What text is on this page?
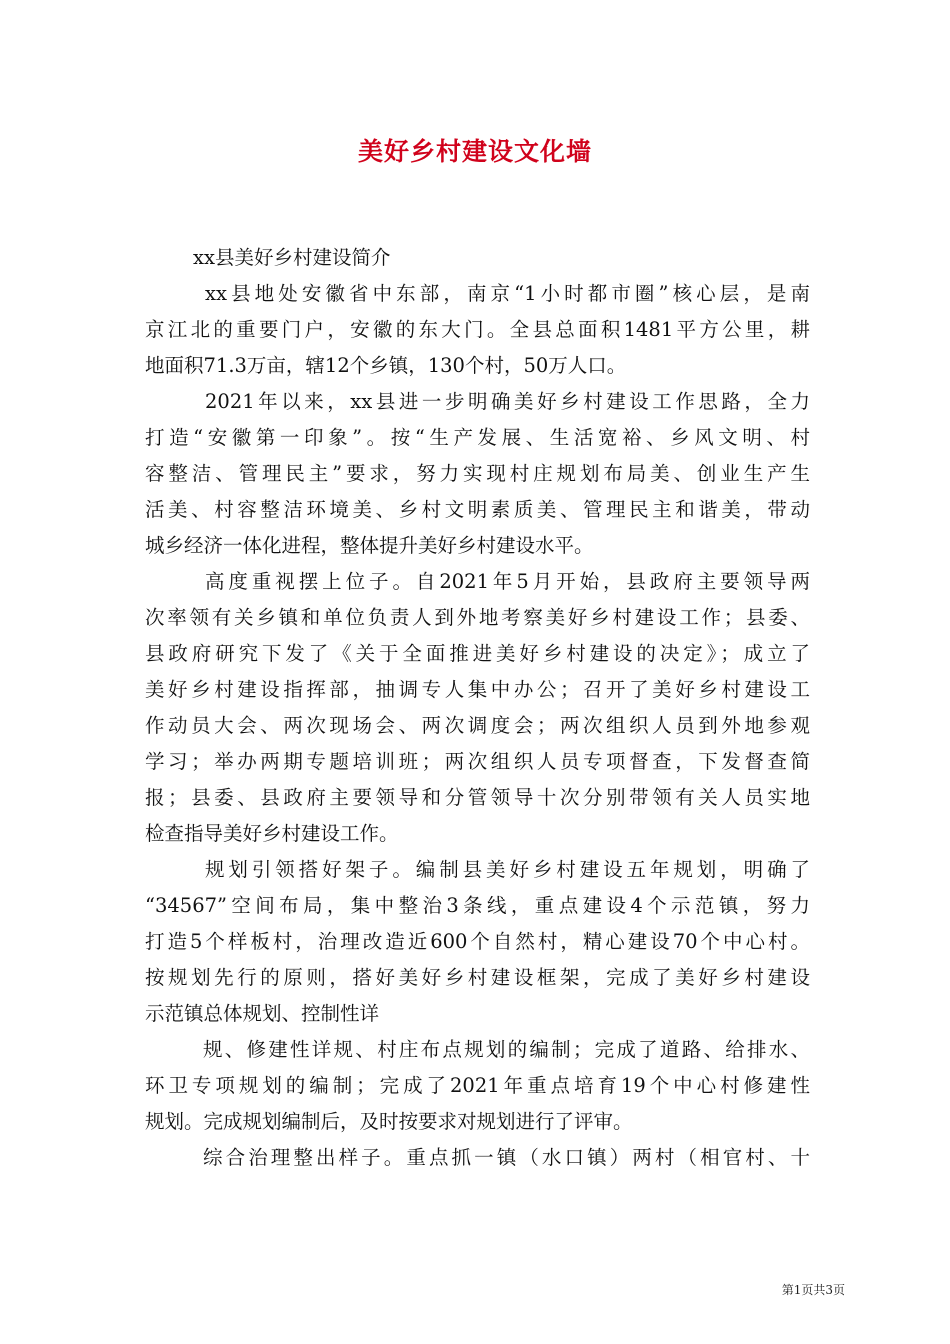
美好乡村建设文化墙
xx县美好乡村建设简介
xx县地处安徽省中东部，南京“1小时都市圈”核心层，是南
京江北的重要门户，安徽的东大门。全县总面积1481平方公里，耕
地面积71.3万亩，辖12个乡镇，130个村，50万人口。
2021年以来，xx县进一步明确美好乡村建设工作思路，全力
打造“安徽第一印象”。按“生产发展、生活宽裕、乡风文明、村
容整洁、管理民主”要求，努力实现村庄规划布局美、创业生产生
活美、村容整洁环境美、乡村文明素质美、管理民主和谐美，带动
城乡经济一体化进程，整体提升美好乡村建设水平。
高度重视摆上位子。自2021年5月开始，县政府主要领导两
次率领有关乡镇和单位负责人到外地考察美好乡村建设工作；县委、
县政府研究下发了《关于全面推进美好乡村建设的决定》；成立了
美好乡村建设指挥部，抽调专人集中办公；召开了美好乡村建设工
作动员大会、两次现场会、两次调度会；两次组织人员到外地参观
学习；举办两期专题培训班；两次组织人员专项督查，下发督查简
报；县委、县政府主要领导和分管领导十次分别带领有关人员实地
检查指导美好乡村建设工作。
规划引领搭好架子。编制县美好乡村建设五年规划，明确了
“34567”空间布局，集中整治3条线，重点建设4个示范镇，努力
打造5个样板村，治理改造近600个自然村，精心建设70个中心村。
按规划先行的原则，搭好美好乡村建设框架，完成了美好乡村建设
示范镇总体规划、控制性详
规、修建性详规、村庄布点规划的编制；完成了道路、给排水、
环卫专项规划的编制；完成了2021年重点培育19个中心村修建性
规划。完成规划编制后，及时按要求对规划进行了评审。
综合治理整出样子。重点抓一镇（水口镇）两村（相官村、十
第1页共3页
